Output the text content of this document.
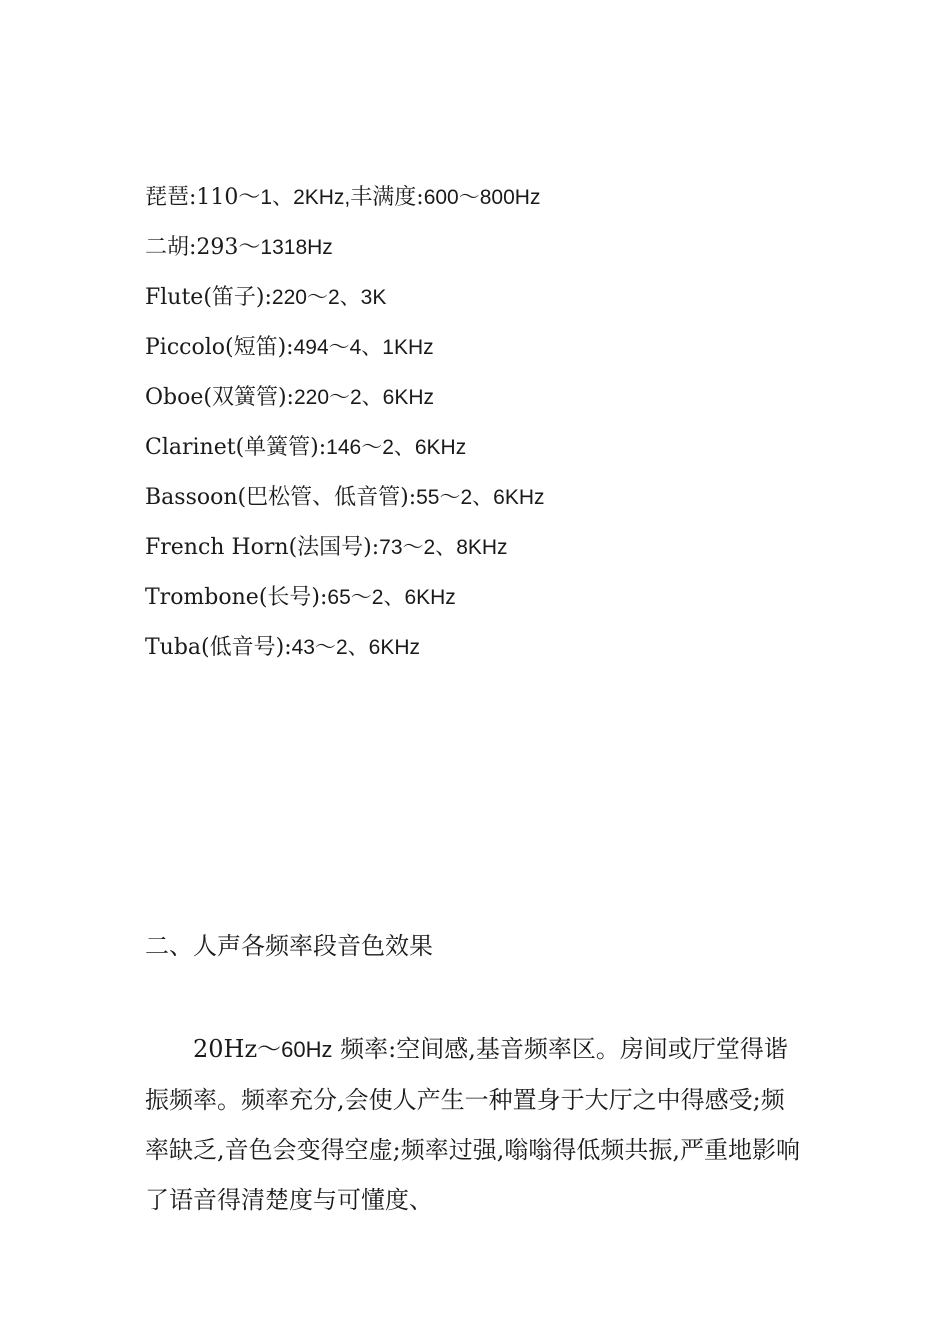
琵琶:110～1、2KHz,丰满度:600～800Hz
二胡:293～1318Hz
Flute(笛子):220～2、3K
Piccolo(短笛):494～4、1KHz
Oboe(双簧管):220～2、6KHz
Clarinet(单簧管):146～2、6KHz
Bassoon(巴松管、低音管):55～2、6KHz
French Horn(法国号):73～2、8KHz
Trombone(长号):65～2、6KHz
Tuba(低音号):43～2、6KHz
二、人声各频率段音色效果

20Hz～60Hz 频率:空间感,基音频率区。房间或厅堂得谐振频率。频率充分,会使人产生一种置身于大厅之中得感受;频率缺乏,音色会变得空虚;频率过强,嗡嗡得低频共振,严重地影响了语音得清楚度与可懂度、
